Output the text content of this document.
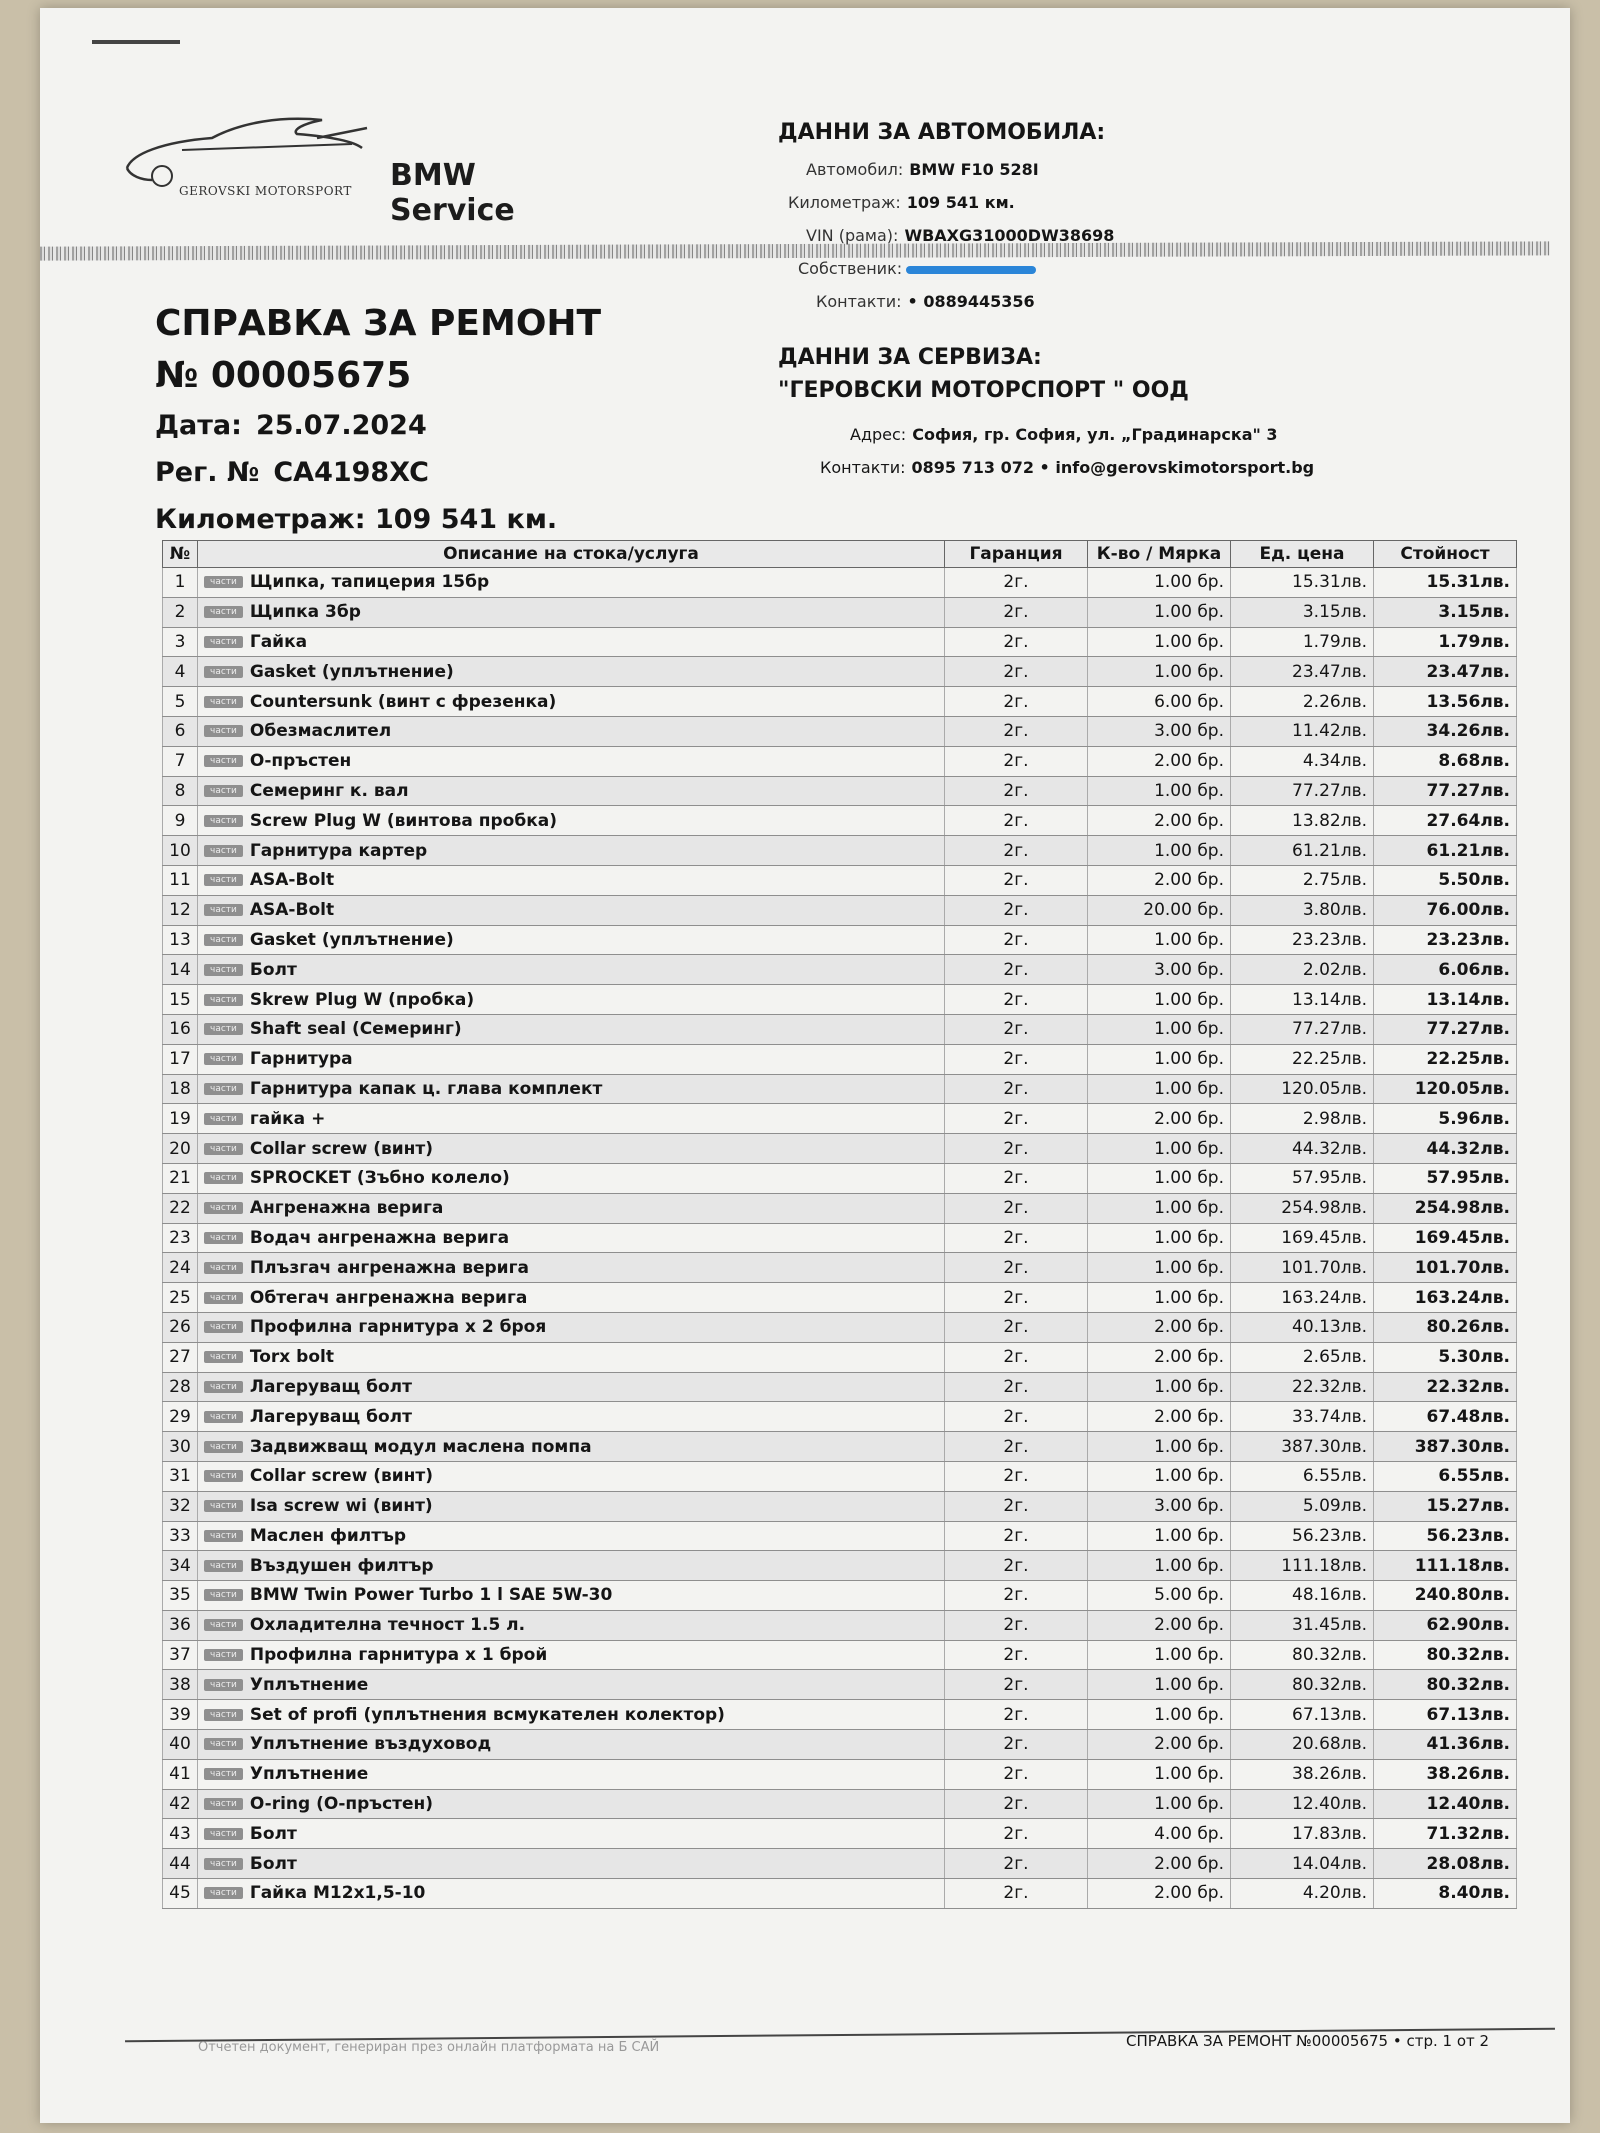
GEROVSKI MOTORSPORT BMW Service
ДАННИ ЗА АВТОМОБИЛА:
Автомобил: BMW F10 528I
Километраж: 109 541 км.
VIN (рама): WBAXG31000DW38698
Собственик:
Контакти: • 0889445356
СПРАВКА ЗА РЕМОНТ
№ 00005675
Дата: 25.07.2024
Рег. № CA4198XC
Километраж: 109 541 км.
ДАННИ ЗА СЕРВИЗА:
"ГЕРОВСКИ МОТОРСПОРТ " ООД
Адрес: София, гр. София, ул. „Градинарска" 3
Контакти: 0895 713 072 • info@gerovskimotorsport.bg
№	Описание на стока/услуга	Гаранция	К-во / Мярка	Ед. цена	Стойност
1	части Щипка, тапицерия 15бр	2г.	1.00 бр.	15.31лв.	15.31лв.
2	части Щипка 3бр	2г.	1.00 бр.	3.15лв.	3.15лв.
3	части Гайка	2г.	1.00 бр.	1.79лв.	1.79лв.
4	части Gasket (уплътнение)	2г.	1.00 бр.	23.47лв.	23.47лв.
5	части Countersunk (винт с фрезенка)	2г.	6.00 бр.	2.26лв.	13.56лв.
6	части Обезмаслител	2г.	3.00 бр.	11.42лв.	34.26лв.
7	части О-пръстен	2г.	2.00 бр.	4.34лв.	8.68лв.
8	части Семеринг к. вал	2г.	1.00 бр.	77.27лв.	77.27лв.
9	части Screw Plug W (винтова пробка)	2г.	2.00 бр.	13.82лв.	27.64лв.
10	части Гарнитура картер	2г.	1.00 бр.	61.21лв.	61.21лв.
11	части ASA-Bolt	2г.	2.00 бр.	2.75лв.	5.50лв.
12	части ASA-Bolt	2г.	20.00 бр.	3.80лв.	76.00лв.
13	части Gasket (уплътнение)	2г.	1.00 бр.	23.23лв.	23.23лв.
14	части Болт	2г.	3.00 бр.	2.02лв.	6.06лв.
15	части Skrew Plug W (пробка)	2г.	1.00 бр.	13.14лв.	13.14лв.
16	части Shaft seal (Семеринг)	2г.	1.00 бр.	77.27лв.	77.27лв.
17	части Гарнитура	2г.	1.00 бр.	22.25лв.	22.25лв.
18	части Гарнитура капак ц. глава комплект	2г.	1.00 бр.	120.05лв.	120.05лв.
19	части гайка +	2г.	2.00 бр.	2.98лв.	5.96лв.
20	части Collar screw (винт)	2г.	1.00 бр.	44.32лв.	44.32лв.
21	части SPROCKET (Зъбно колело)	2г.	1.00 бр.	57.95лв.	57.95лв.
22	части Ангренажна верига	2г.	1.00 бр.	254.98лв.	254.98лв.
23	части Водач ангренажна верига	2г.	1.00 бр.	169.45лв.	169.45лв.
24	части Плъзгач ангренажна верига	2г.	1.00 бр.	101.70лв.	101.70лв.
25	части Обтегач ангренажна верига	2г.	1.00 бр.	163.24лв.	163.24лв.
26	части Профилна гарнитура х 2 броя	2г.	2.00 бр.	40.13лв.	80.26лв.
27	части Torx bolt	2г.	2.00 бр.	2.65лв.	5.30лв.
28	части Лагеруващ болт	2г.	1.00 бр.	22.32лв.	22.32лв.
29	части Лагеруващ болт	2г.	2.00 бр.	33.74лв.	67.48лв.
30	части Задвижващ модул маслена помпа	2г.	1.00 бр.	387.30лв.	387.30лв.
31	части Collar screw (винт)	2г.	1.00 бр.	6.55лв.	6.55лв.
32	части Isa screw wi (винт)	2г.	3.00 бр.	5.09лв.	15.27лв.
33	части Маслен филтър	2г.	1.00 бр.	56.23лв.	56.23лв.
34	части Въздушен филтър	2г.	1.00 бр.	111.18лв.	111.18лв.
35	части BMW Twin Power Turbo 1 l SAE 5W-30	2г.	5.00 бр.	48.16лв.	240.80лв.
36	части Охладителна течност 1.5 л.	2г.	2.00 бр.	31.45лв.	62.90лв.
37	части Профилна гарнитура х 1 брой	2г.	1.00 бр.	80.32лв.	80.32лв.
38	части Уплътнение	2г.	1.00 бр.	80.32лв.	80.32лв.
39	части Set of profi (уплътнения всмукателен колектор)	2г.	1.00 бр.	67.13лв.	67.13лв.
40	части Уплътнение въздуховод	2г.	2.00 бр.	20.68лв.	41.36лв.
41	части Уплътнение	2г.	1.00 бр.	38.26лв.	38.26лв.
42	части O-ring (О-пръстен)	2г.	1.00 бр.	12.40лв.	12.40лв.
43	части Болт	2г.	4.00 бр.	17.83лв.	71.32лв.
44	части Болт	2г.	2.00 бр.	14.04лв.	28.08лв.
45	части Гайка M12x1,5-10	2г.	2.00 бр.	4.20лв.	8.40лв.
Отчетен документ, генериран през онлайн платформата на Б САЙ	СПРАВКА ЗА РЕМОНТ №00005675 • стр. 1 от 2
